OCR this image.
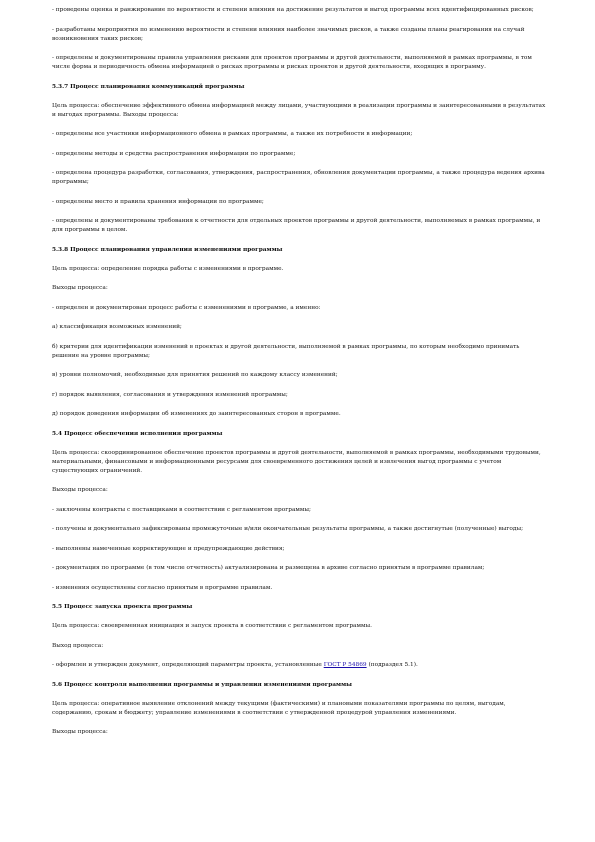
- проведены оценка и ранжирование по вероятности и степени влияния на достижение результатов и выгод программы всех идентифицированных рисков;

- разработаны мероприятия по изменению вероятности и степени влияния наиболее значимых рисков, а также созданы планы реагирования на случай возникновения таких рисков;

- определены и документированы правила управления рисками для проектов программы и другой деятельности, выполняемой в рамках программы, в том числе форма и периодичность обмена информацией о рисках программы и рисках проектов и другой деятельности, входящих в программу.

5.3.7 Процесс планирования коммуникаций программы

Цель процесса: обеспечение эффективного обмена информацией между лицами, участвующими в реализации программы и заинтересованными в результатах и выгодах программы. Выходы процесса:

- определены все участники информационного обмена в рамках программы, а также их потребности в информации;

- определены методы и средства распространения информации по программе;

- определена процедура разработки, согласования, утверждения, распространения, обновления документации программы, а также процедура ведения архива программы;

- определены место и правила хранения информации по программе;

- определены и документированы требования к отчетности для отдельных проектов программы и другой деятельности, выполняемых в рамках программы, и для программы в целом.

5.3.8 Процесс планирования управления изменениями программы

Цель процесса: определение порядка работы с изменениями в программе.

Выходы процесса:

- определен и документирован процесс работы с изменениями в программе, а именно:

а) классификация возможных изменений;

б) критерии для идентификации изменений в проектах и другой деятельности, выполняемой в рамках программы, по которым необходимо принимать решение на уровне программы;

в) уровни полномочий, необходимые для принятия решений по каждому классу изменений;

г) порядок выявления, согласования и утверждения изменений программы;

д) порядок доведения информации об изменениях до заинтересованных сторон в программе.

5.4 Процесс обеспечения исполнения программы

Цель процесса: скоординированное обеспечение проектов программы и другой деятельности, выполняемой в рамках программы, необходимыми трудовыми, материальными, финансовыми и информационными ресурсами для своевременного достижения целей и извлечения выгод программы с учетом существующих ограничений.

Выходы процесса:

- заключены контракты с поставщиками в соответствии с регламентом программы;

- получены и документально зафиксированы промежуточные и/или окончательные результаты программы, а также достигнутые (полученные) выгоды;

- выполнены намеченные корректирующие и предупреждающие действия;

- документация по программе (в том числе отчетность) актуализирована и размещена в архиве согласно принятым в программе правилам;

- изменения осуществлены согласно принятым в программе правилам.

5.5 Процесс запуска проекта программы

Цель процесса: своевременная инициация и запуск проекта в соответствии с регламентом программы.

Выход процесса:

- оформлен и утвержден документ, определяющий параметры проекта, установленные ГОСТ Р 54869 (подраздел 5.1).

5.6 Процесс контроля выполнения программы и управления изменениями программы

Цель процесса: оперативное выявление отклонений между текущими (фактическими) и плановыми показателями программы по целям, выгодам, содержанию, срокам и бюджету; управление изменениями в соответствии с утвержденной процедурой управления изменениями.

Выходы процесса:
